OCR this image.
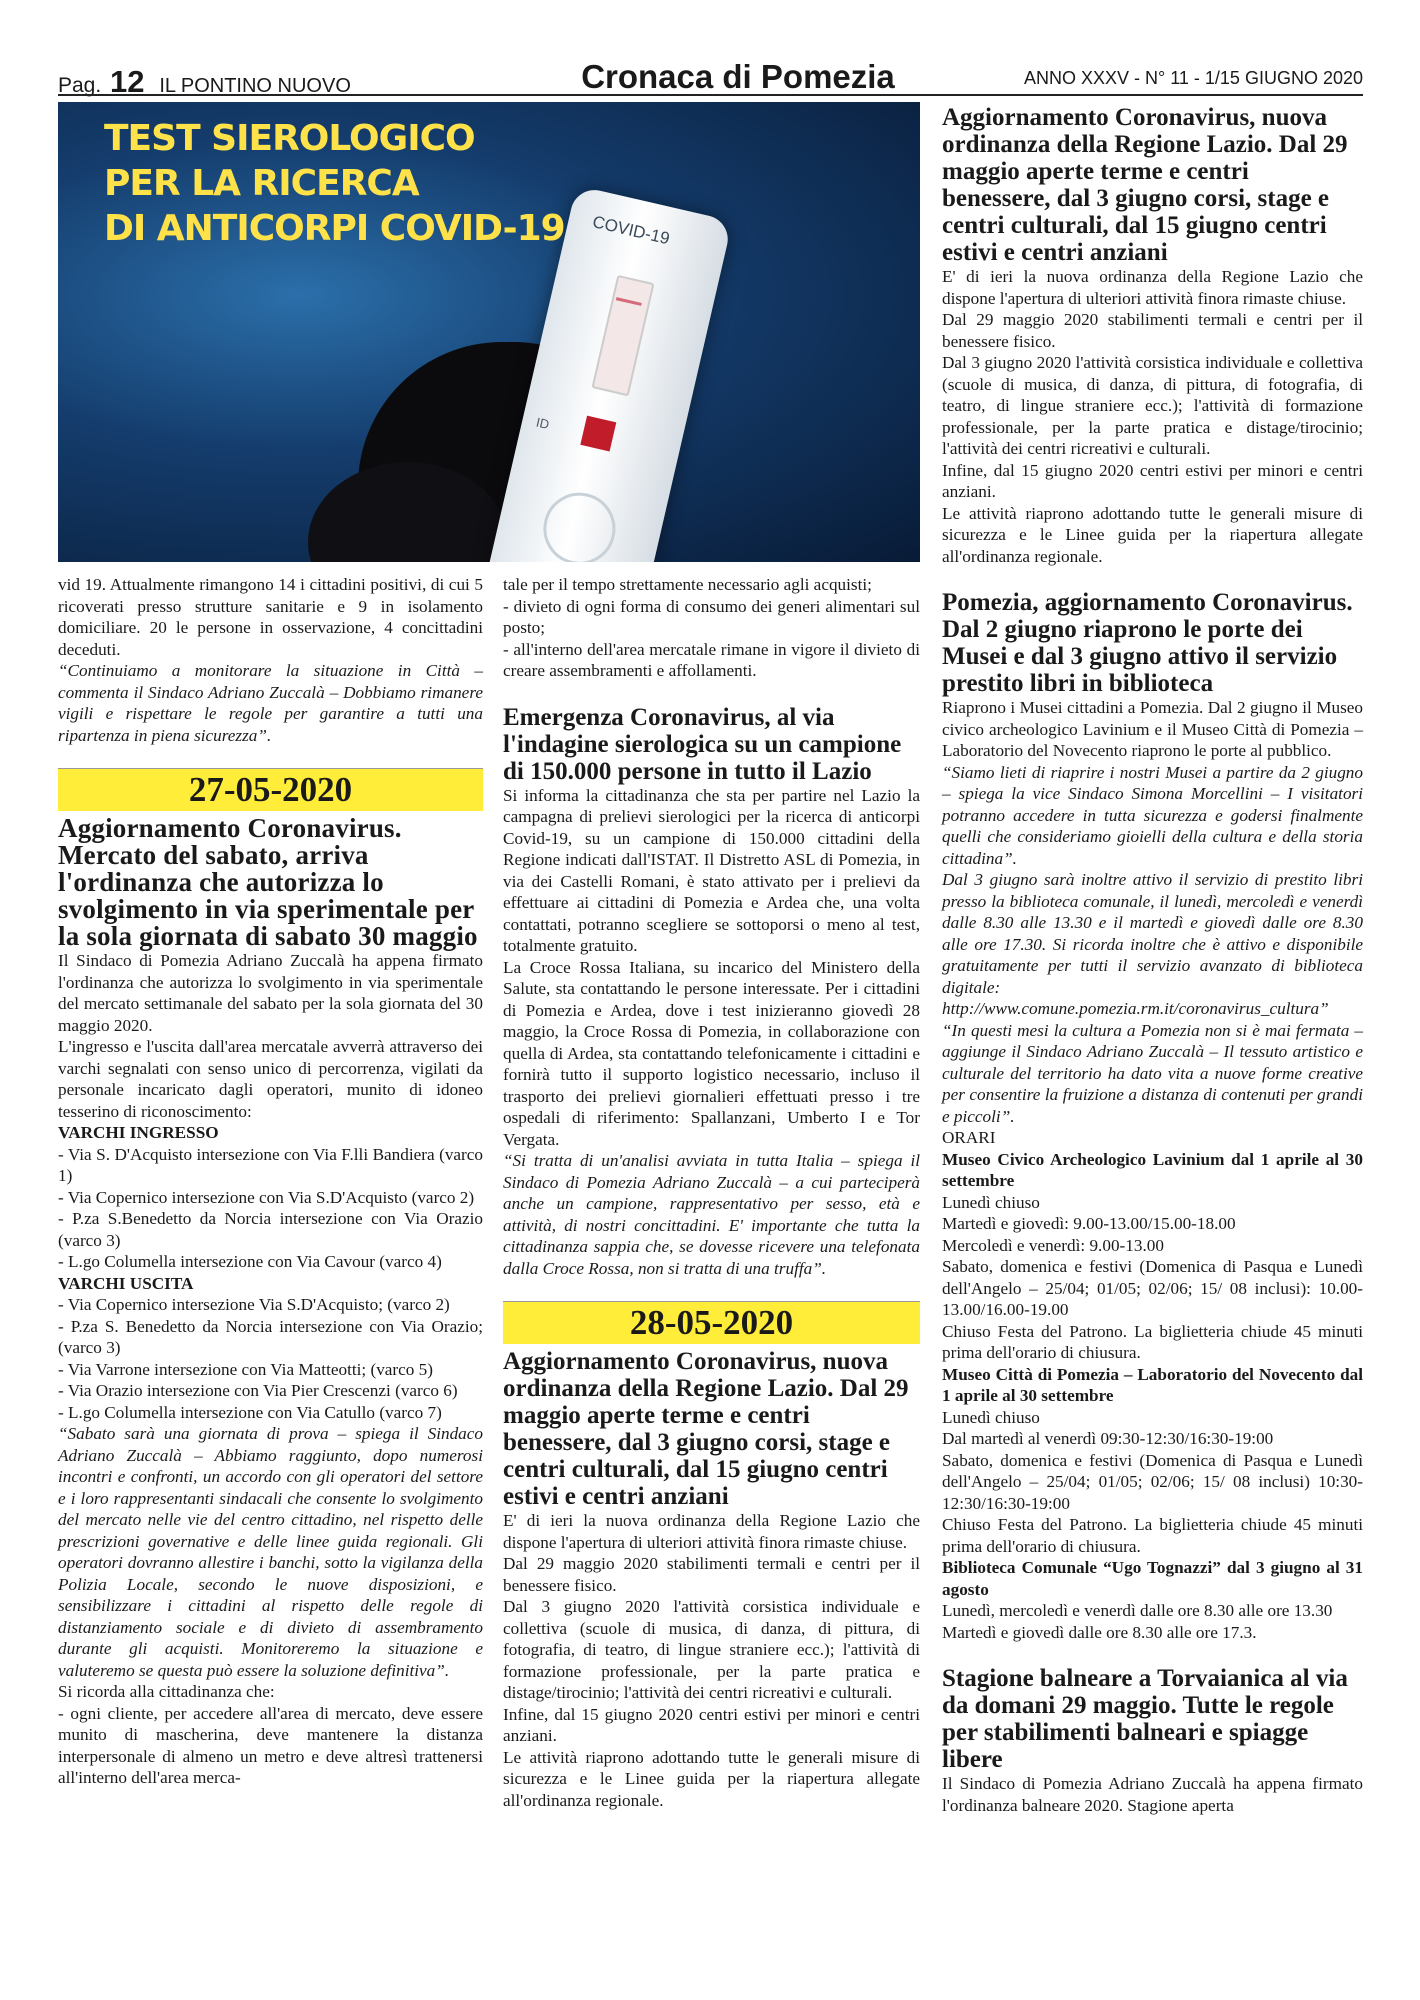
Pag. 12 IL PONTINO NUOVO	Cronaca di Pomezia	ANNO XXXV - N° 11 - 1/15 GIUGNO 2020
COVID-19
ID
TEST SIEROLOGICO
PER LA RICERCA
DI ANTICORPI COVID-19

vid 19. Attualmente rimangono 14 i cittadini positivi, di cui 5 ricoverati presso strutture sanitarie e 9 in isolamento domiciliare. 20 le persone in osservazione, 4 concittadini deceduti.

“Continuiamo a monitorare la situazione in Città – commenta il Sindaco Adriano Zuccalà – Dobbiamo rimanere vigili e rispettare le regole per garantire a tutti una ripartenza in piena sicurezza”.

27-05-2020
Aggiornamento Coronavirus. Mercato del sabato, arriva l'ordinanza che autorizza lo svolgimento in via sperimentale per la sola giornata di sabato 30 maggio

Il Sindaco di Pomezia Adriano Zuccalà ha appena firmato l'ordinanza che autorizza lo svolgimento in via sperimentale del mercato settimanale del sabato per la sola giornata del 30 maggio 2020.

L'ingresso e l'uscita dall'area mercatale avverrà attraverso dei varchi segnalati con senso unico di percorrenza, vigilati da personale incaricato dagli operatori, munito di idoneo tesserino di riconoscimento:

VARCHI INGRESSO

- Via S. D'Acquisto intersezione con Via F.lli Bandiera (varco 1)

- Via Copernico intersezione con Via S.D'Acquisto (varco 2)

- P.za S.Benedetto da Norcia intersezione con Via Orazio (varco 3)

- L.go Columella intersezione con Via Cavour (varco 4)

VARCHI USCITA

- Via Copernico intersezione Via S.D'Acquisto; (varco 2)

- P.za S. Benedetto da Norcia intersezione con Via Orazio; (varco 3)

- Via Varrone intersezione con Via Matteotti; (varco 5)

- Via Orazio intersezione con Via Pier Crescenzi (varco 6)

- L.go Columella intersezione con Via Catullo (varco 7)

“Sabato sarà una giornata di prova – spiega il Sindaco Adriano Zuccalà – Abbiamo raggiunto, dopo numerosi incontri e confronti, un accordo con gli operatori del settore e i loro rappresentanti sindacali che consente lo svolgimento del mercato nelle vie del centro cittadino, nel rispetto delle prescrizioni governative e delle linee guida regionali. Gli operatori dovranno allestire i banchi, sotto la vigilanza della Polizia Locale, secondo le nuove disposizioni, e sensibilizzare i cittadini al rispetto delle regole di distanziamento sociale e di divieto di assembramento durante gli acquisti. Monitoreremo la situazione e valuteremo se questa può essere la soluzione definitiva”.

Si ricorda alla cittadinanza che:

- ogni cliente, per accedere all'area di mercato, deve essere munito di mascherina, deve mantenere la distanza interpersonale di almeno un metro e deve altresì trattenersi all'interno dell'area merca-

tale per il tempo strettamente necessario agli acquisti;

- divieto di ogni forma di consumo dei generi alimentari sul posto;

- all'interno dell'area mercatale rimane in vigore il divieto di creare assembramenti e affollamenti.

Emergenza Coronavirus, al via l'indagine sierologica su un campione di 150.000 persone in tutto il Lazio

Si informa la cittadinanza che sta per partire nel Lazio la campagna di prelievi sierologici per la ricerca di anticorpi Covid-19, su un campione di 150.000 cittadini della Regione indicati dall'ISTAT. Il Distretto ASL di Pomezia, in via dei Castelli Romani, è stato attivato per i prelievi da effettuare ai cittadini di Pomezia e Ardea che, una volta contattati, potranno scegliere se sottoporsi o meno al test, totalmente gratuito.

La Croce Rossa Italiana, su incarico del Ministero della Salute, sta contattando le persone interessate. Per i cittadini di Pomezia e Ardea, dove i test inizieranno giovedì 28 maggio, la Croce Rossa di Pomezia, in collaborazione con quella di Ardea, sta contattando telefonicamente i cittadini e fornirà tutto il supporto logistico necessario, incluso il trasporto dei prelievi giornalieri effettuati presso i tre ospedali di riferimento: Spallanzani, Umberto I e Tor Vergata.

“Si tratta di un'analisi avviata in tutta Italia – spiega il Sindaco di Pomezia Adriano Zuccalà – a cui parteciperà anche un campione, rappresentativo per sesso, età e attività, di nostri concittadini. E' importante che tutta la cittadinanza sappia che, se dovesse ricevere una telefonata dalla Croce Rossa, non si tratta di una truffa”.

28-05-2020
Aggiornamento Coronavirus, nuova ordinanza della Regione Lazio. Dal 29 maggio aperte terme e centri benessere, dal 3 giugno corsi, stage e centri culturali, dal 15 giugno centri estivi e centri anziani

E' di ieri la nuova ordinanza della Regione Lazio che dispone l'apertura di ulteriori attività finora rimaste chiuse.

Dal 29 maggio 2020 stabilimenti termali e centri per il benessere fisico.

Dal 3 giugno 2020 l'attività corsistica individuale e collettiva (scuole di musica, di danza, di pittura, di fotografia, di teatro, di lingue straniere ecc.); l'attività di formazione professionale, per la parte pratica e distage/tirocinio; l'attività dei centri ricreativi e culturali.

Infine, dal 15 giugno 2020 centri estivi per minori e centri anziani.

Le attività riaprono adottando tutte le generali misure di sicurezza e le Linee guida per la riapertura allegate all'ordinanza regionale.

Aggiornamento Coronavirus, nuova ordinanza della Regione Lazio. Dal 29 maggio aperte terme e centri benessere, dal 3 giugno corsi, stage e centri culturali, dal 15 giugno centri estivi e centri anziani

E' di ieri la nuova ordinanza della Regione Lazio che dispone l'apertura di ulteriori attività finora rimaste chiuse.

Dal 29 maggio 2020 stabilimenti termali e centri per il benessere fisico.

Dal 3 giugno 2020 l'attività corsistica individuale e collettiva (scuole di musica, di danza, di pittura, di fotografia, di teatro, di lingue straniere ecc.); l'attività di formazione professionale, per la parte pratica e distage/tirocinio; l'attività dei centri ricreativi e culturali.

Infine, dal 15 giugno 2020 centri estivi per minori e centri anziani.

Le attività riaprono adottando tutte le generali misure di sicurezza e le Linee guida per la riapertura allegate all'ordinanza regionale.

Pomezia, aggiornamento Coronavirus. Dal 2 giugno riaprono le porte dei Musei e dal 3 giugno attivo il servizio prestito libri in biblioteca

Riaprono i Musei cittadini a Pomezia. Dal 2 giugno il Museo civico archeologico Lavinium e il Museo Città di Pomezia – Laboratorio del Novecento riaprono le porte al pubblico.

“Siamo lieti di riaprire i nostri Musei a partire da 2 giugno – spiega la vice Sindaco Simona Morcellini – I visitatori potranno accedere in tutta sicurezza e godersi finalmente quelli che consideriamo gioielli della cultura e della storia cittadina”.

Dal 3 giugno sarà inoltre attivo il servizio di prestito libri presso la biblioteca comunale, il lunedì, mercoledì e venerdì dalle 8.30 alle 13.30 e il martedì e giovedì dalle ore 8.30 alle ore 17.30. Si ricorda inoltre che è attivo e disponibile gratuitamente per tutti il servizio avanzato di biblioteca digitale: http://www.comune.pomezia.rm.it/coronavirus_cultura”

“In questi mesi la cultura a Pomezia non si è mai fermata – aggiunge il Sindaco Adriano Zuccalà – Il tessuto artistico e culturale del territorio ha dato vita a nuove forme creative per consentire la fruizione a distanza di contenuti per grandi e piccoli”.

ORARI

Museo Civico Archeologico Lavinium dal 1 aprile al 30 settembre

Lunedì chiuso

Martedì e giovedì: 9.00-13.00/15.00-18.00

Mercoledì e venerdì: 9.00-13.00

Sabato, domenica e festivi (Domenica di Pasqua e Lunedì dell'Angelo – 25/04; 01/05; 02/06; 15/ 08 inclusi): 10.00-13.00/16.00-19.00

Chiuso Festa del Patrono. La biglietteria chiude 45 minuti prima dell'orario di chiusura.

Museo Città di Pomezia – Laboratorio del Novecento dal 1 aprile al 30 settembre

Lunedì chiuso

Dal martedì al venerdì 09:30-12:30/16:30-19:00

Sabato, domenica e festivi (Domenica di Pasqua e Lunedì dell'Angelo – 25/04; 01/05; 02/06; 15/ 08 inclusi) 10:30-12:30/16:30-19:00

Chiuso Festa del Patrono. La biglietteria chiude 45 minuti prima dell'orario di chiusura.

Biblioteca Comunale “Ugo Tognazzi” dal 3 giugno al 31 agosto

Lunedì, mercoledì e venerdì dalle ore 8.30 alle ore 13.30

Martedì e giovedì dalle ore 8.30 alle ore 17.3.

Stagione balneare a Torvaianica al via da domani 29 maggio. Tutte le regole per stabilimenti balneari e spiagge libere

Il Sindaco di Pomezia Adriano Zuccalà ha appena firmato l'ordinanza balneare 2020. Stagione aperta
